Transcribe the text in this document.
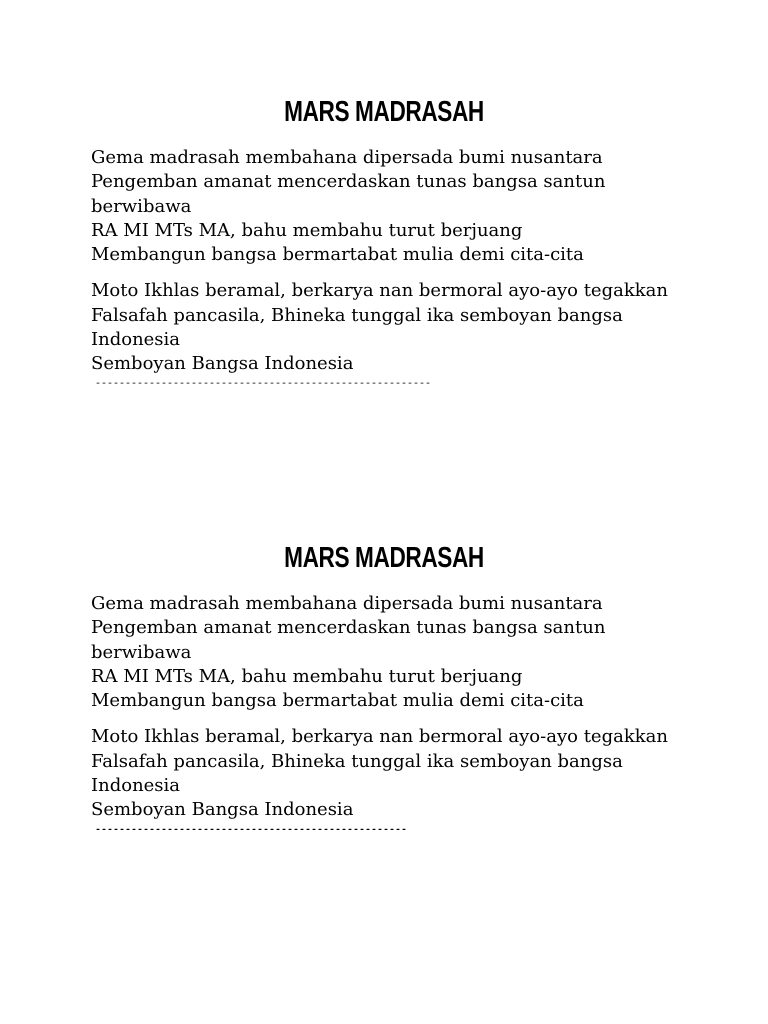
MARS MADRASAH
Gema madrasah membahana dipersada bumi nusantara
Pengemban amanat mencerdaskan tunas bangsa santun berwibawa
RA MI MTs MA, bahu membahu turut berjuang
Membangun bangsa bermartabat mulia demi cita-cita
Moto Ikhlas beramal, berkarya nan bermoral ayo-ayo tegakkan
Falsafah pancasila, Bhineka tunggal ika semboyan bangsa Indonesia
Semboyan Bangsa Indonesia
--------------------------------------------------------
MARS MADRASAH
Gema madrasah membahana dipersada bumi nusantara
Pengemban amanat mencerdaskan tunas bangsa santun berwibawa
RA MI MTs MA, bahu membahu turut berjuang
Membangun bangsa bermartabat mulia demi cita-cita
Moto Ikhlas beramal, berkarya nan bermoral ayo-ayo tegakkan
Falsafah pancasila, Bhineka tunggal ika semboyan bangsa Indonesia
Semboyan Bangsa Indonesia
----------------------------------------------------
